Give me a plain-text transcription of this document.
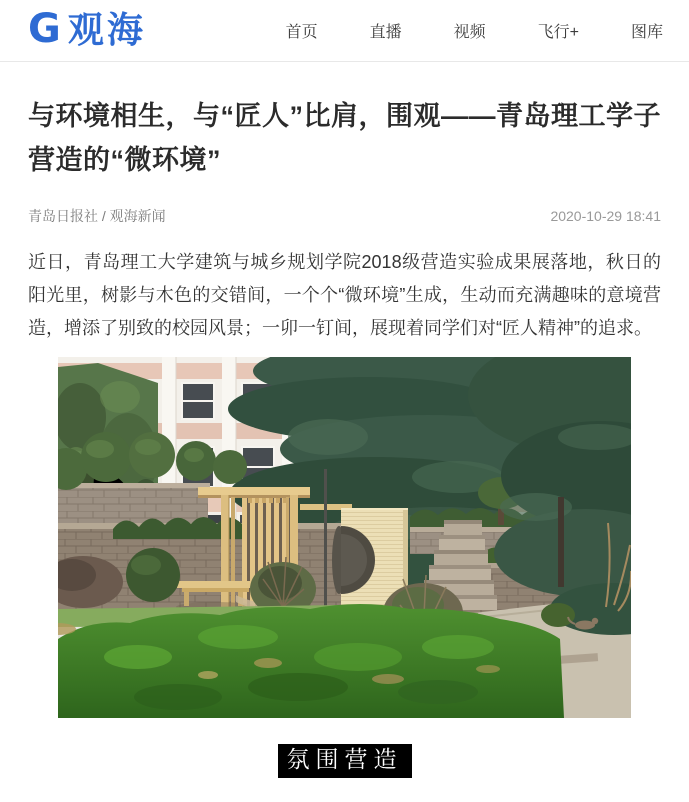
G 观海	首页	直播	视频	飞行+	图库
与环境相生，与“匠人”比肩，围观——青岛理工学子营造的“微环境”
青岛日报社 / 观海新闻	2020-10-29 18:41

近日，青岛理工大学建筑与城乡规划学院2018级营造实验成果展落地，秋日的阳光里，树影与木色的交错间，一个个“微环境”生成，生动而充满趣味的意境营造，增添了别致的校园风景；一卯一钉间，展现着同学们对“匠人精神”的追求。

氛围营造
